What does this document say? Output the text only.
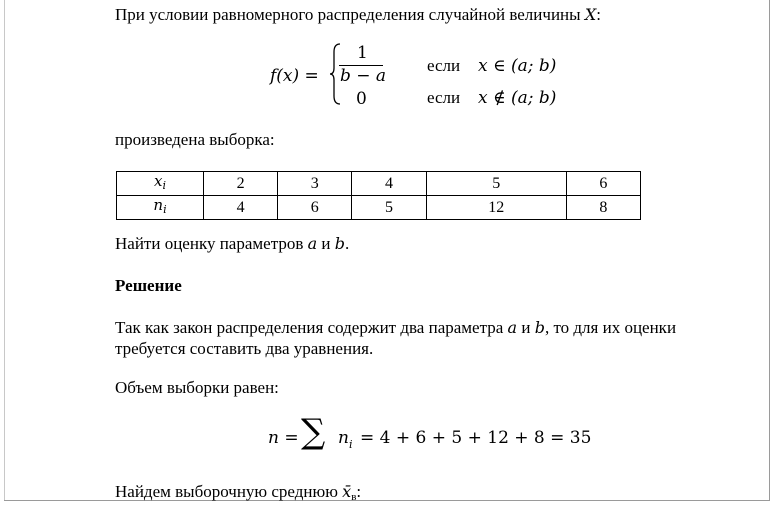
При условии равномерного распределения случайной величины X:
f(x) =
1
b − a
0
если x ∈ (a; b)
если x ∉ (a; b)
произведена выборка:
$x_i$	2	3	4	5	6
$n_i$	4	6	5	12	8
Найти оценку параметров a и b.
Решение
Так как закон распределения содержит два параметра a и b, то для их оценки
требуется составить два уравнения.
Объем выборки равен:
n = ∑ n i = 4 + 6 + 5 + 12 + 8 = 35
Найдем выборочную среднюю $x̄_в$:
